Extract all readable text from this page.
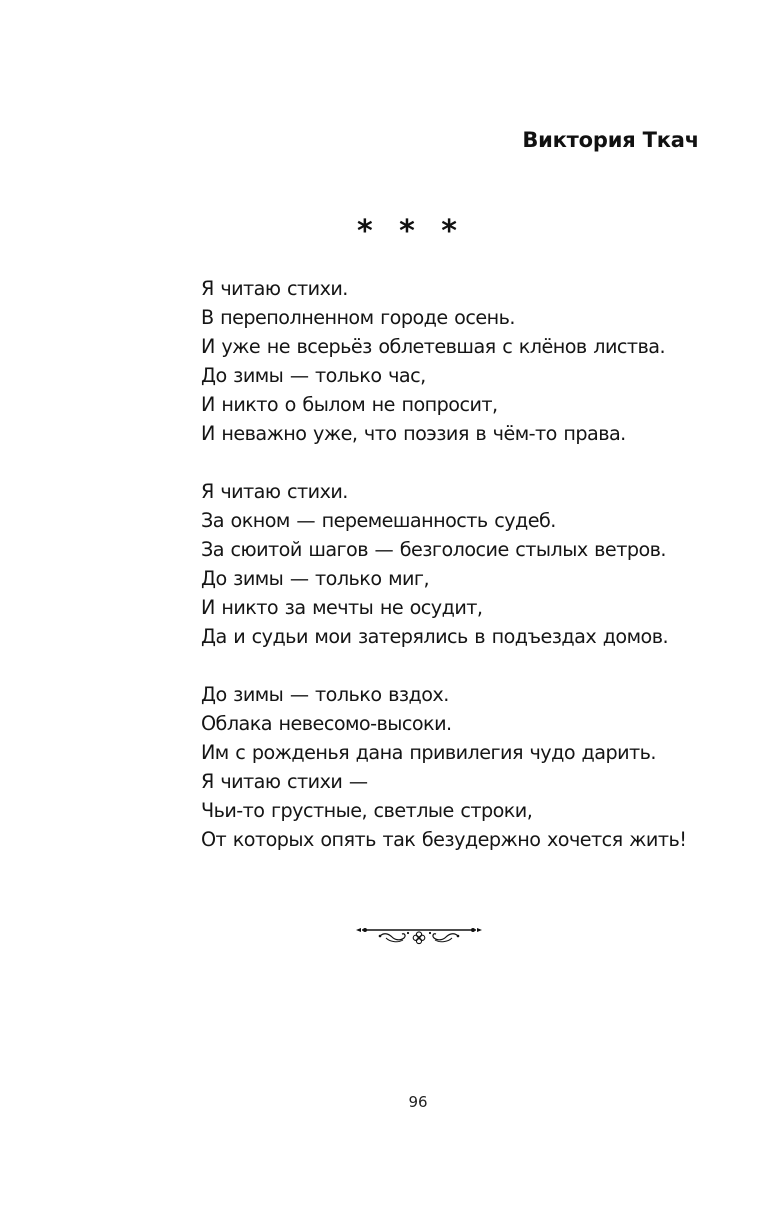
Виктория Ткач
* * *
Я читаю стихи.
В переполненном городе осень.
И уже не всерьёз облетевшая с клёнов листва.
До зимы — только час,
И никто о былом не попросит,
И неважно уже, что поэзия в чём-то права.
Я читаю стихи.
За окном — перемешанность судеб.
За сюитой шагов — безголосие стылых ветров.
До зимы — только миг,
И никто за мечты не осудит,
Да и судьи мои затерялись в подъездах домов.
До зимы — только вздох.
Облака невесомо-высоки.
Им с рожденья дана привилегия чудо дарить.
Я читаю стихи —
Чьи-то грустные, светлые строки,
От которых опять так безудержно хочется жить!
96
